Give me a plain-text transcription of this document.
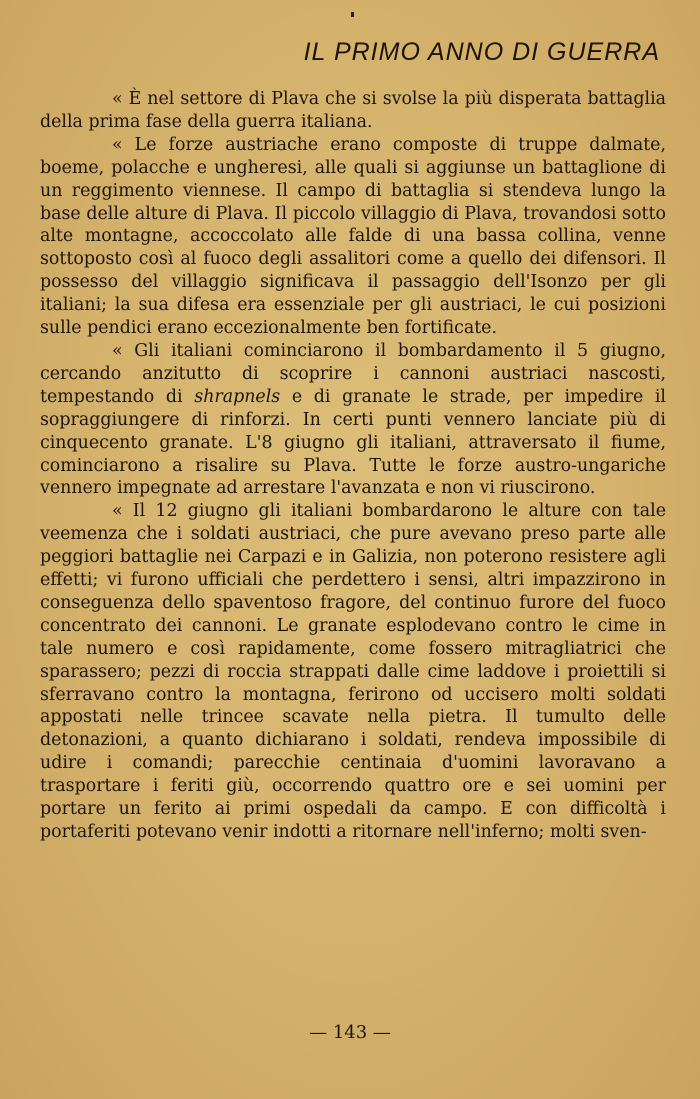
IL PRIMO ANNO DI GUERRA

« È nel settore di Plava che si svolse la più disperata battaglia della prima fase della guerra italiana.

« Le forze austriache erano composte di truppe dalmate, boeme, polacche e ungheresi, alle quali si aggiunse un battaglione di un reggimento viennese. Il campo di battaglia si stendeva lungo la base delle alture di Plava. Il piccolo villaggio di Plava, trovandosi sotto alte montagne, accoccolato alle falde di una bassa collina, venne sottoposto così al fuoco degli assalitori come a quello dei difensori. Il possesso del villaggio significava il passaggio dell'Isonzo per gli italiani; la sua difesa era essenziale per gli austriaci, le cui posizioni sulle pendici erano eccezionalmente ben fortificate.

« Gli italiani cominciarono il bombardamento il 5 giugno, cercando anzitutto di scoprire i cannoni austriaci nascosti, tempestando di shrapnels e di granate le strade, per impedire il sopraggiungere di rinforzi. In certi punti vennero lanciate più di cinquecento granate. L'8 giugno gli italiani, attraversato il fiume, cominciarono a risalire su Plava. Tutte le forze austro-ungariche vennero impegnate ad arrestare l'avanzata e non vi riuscirono.

« Il 12 giugno gli italiani bombardarono le alture con tale veemenza che i soldati austriaci, che pure avevano preso parte alle peggiori battaglie nei Carpazi e in Galizia, non poterono resistere agli effetti; vi furono ufficiali che perdettero i sensi, altri impazzirono in conseguenza dello spaventoso fragore, del continuo furore del fuoco concentrato dei cannoni. Le granate esplodevano contro le cime in tale numero e così rapidamente, come fossero mitragliatrici che sparassero; pezzi di roccia strappati dalle cime laddove i proiettili si sferravano contro la montagna, ferirono od uccisero molti soldati appostati nelle trincee scavate nella pietra. Il tumulto delle detonazioni, a quanto dichiarano i soldati, rendeva impossibile di udire i comandi; parecchie centinaia d'uomini lavoravano a trasportare i feriti giù, occorrendo quattro ore e sei uomini per portare un ferito ai primi ospedali da campo. E con difficoltà i portaferiti potevano venir indotti a ritornare nell'inferno; molti sven-

— 143 —
